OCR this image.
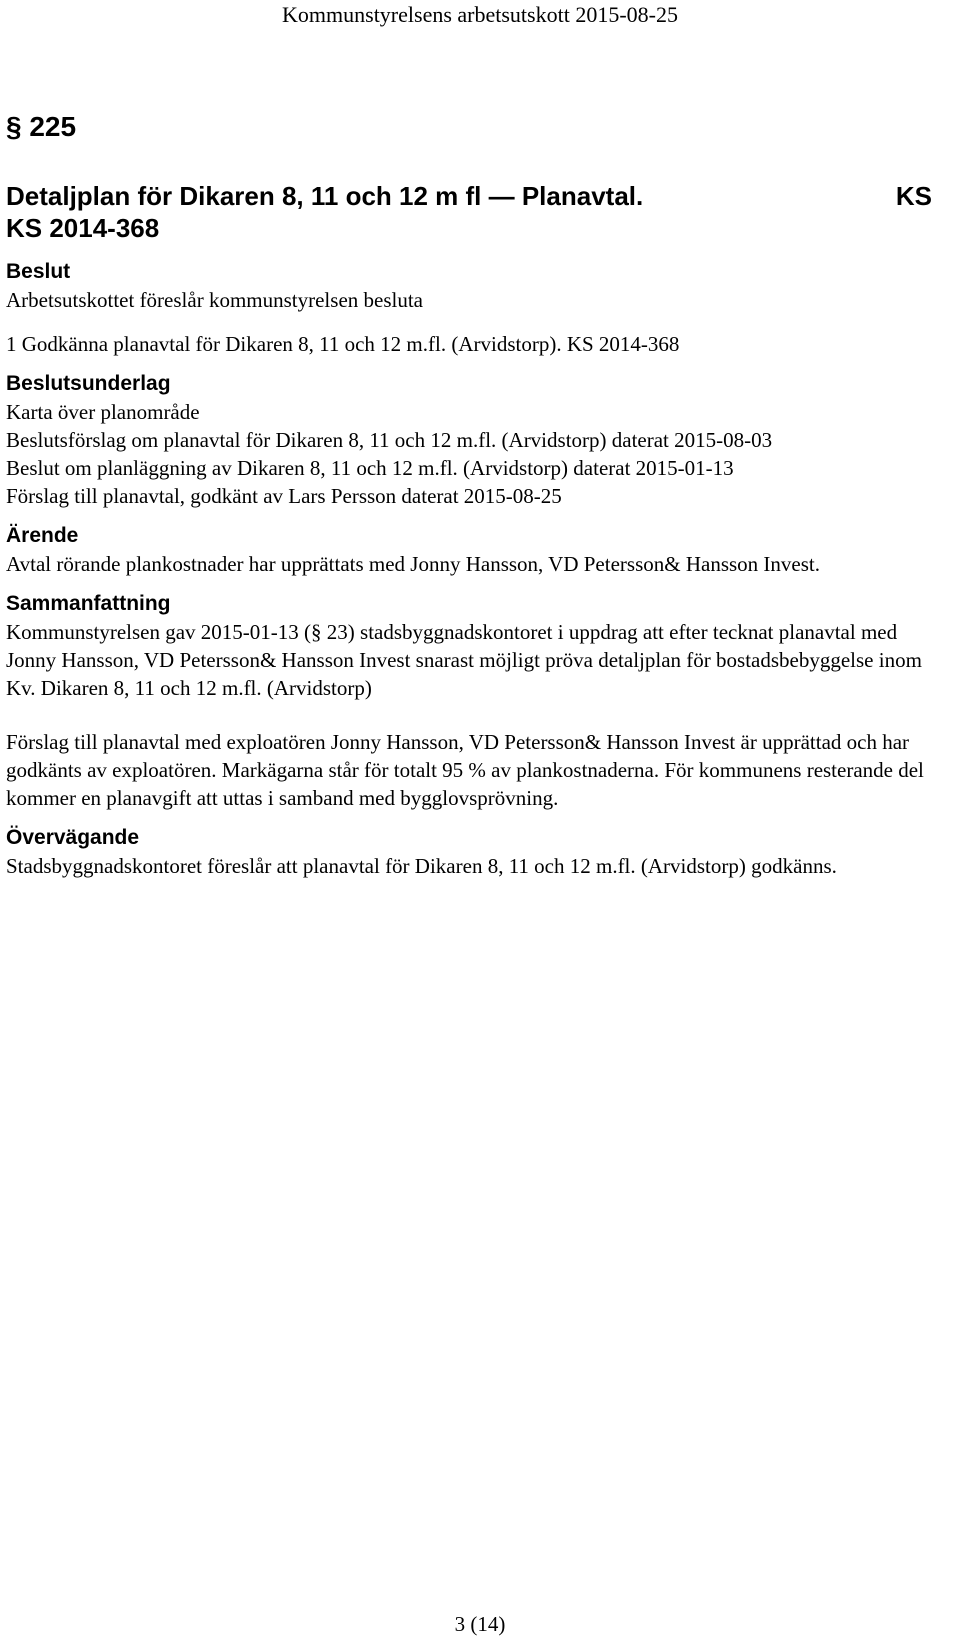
Kommunstyrelsens arbetsutskott 2015-08-25

§ 225

Detaljplan för Dikaren 8, 11 och 12 m fl — Planavtal.

KS 2014-368

KS

Beslut

Arbetsutskottet föreslår kommunstyrelsen besluta

1 Godkänna planavtal för Dikaren 8, 11 och 12 m.fl. (Arvidstorp). KS 2014-368

Beslutsunderlag

Karta över planområde

Beslutsförslag om planavtal för Dikaren 8, 11 och 12 m.fl. (Arvidstorp) daterat 2015-08-03

Beslut om planläggning av Dikaren 8, 11 och 12 m.fl. (Arvidstorp) daterat 2015-01-13

Förslag till planavtal, godkänt av Lars Persson daterat 2015-08-25

Ärende

Avtal rörande plankostnader har upprättats med Jonny Hansson, VD Petersson& Hansson Invest.

Sammanfattning

Kommunstyrelsen gav 2015-01-13 (§ 23) stadsbyggnadskontoret i uppdrag att efter tecknat planavtal med Jonny Hansson, VD Petersson& Hansson Invest snarast möjligt pröva detaljplan för bostadsbebyggelse inom Kv. Dikaren 8, 11 och 12 m.fl. (Arvidstorp)

Förslag till planavtal med exploatören Jonny Hansson, VD Petersson& Hansson Invest är upprättad och har godkänts av exploatören. Markägarna står för totalt 95 % av plankostnaderna. För kommunens resterande del kommer en planavgift att uttas i samband med bygglovsprövning.

Övervägande

Stadsbyggnadskontoret föreslår att planavtal för Dikaren 8, 11 och 12 m.fl. (Arvidstorp) godkänns.

3 (14)
